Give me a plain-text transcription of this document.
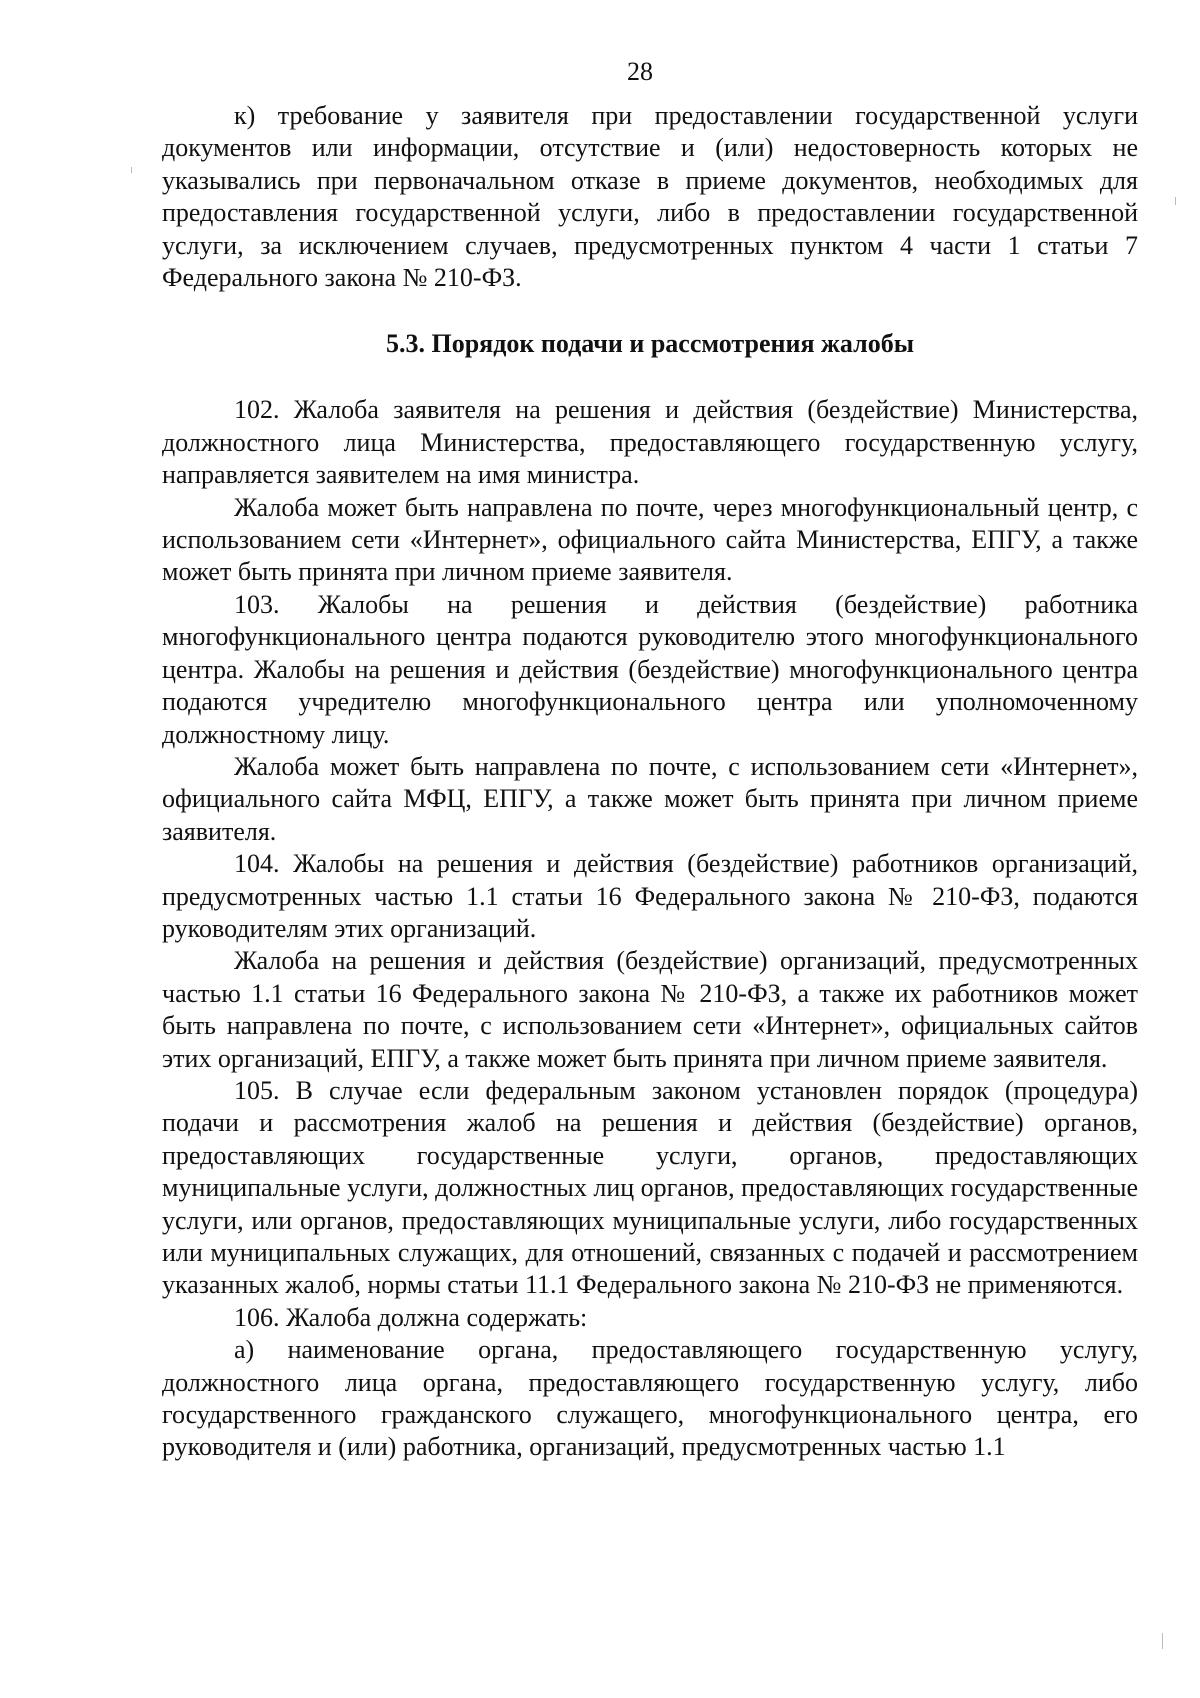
28

к) требование у заявителя при предоставлении государственной услуги документов или информации, отсутствие и (или) недостоверность которых не указывались при первоначальном отказе в приеме документов, необходимых для предоставления государственной услуги, либо в предоставлении государственной услуги, за исключением случаев, предусмотренных пунктом 4 части 1 статьи 7 Федерального закона № 210-ФЗ.

5.3. Порядок подачи и рассмотрения жалобы

102. Жалоба заявителя на решения и действия (бездействие) Министерства, должностного лица Министерства, предоставляющего государственную услугу, направляется заявителем на имя министра.

Жалоба может быть направлена по почте, через многофункциональный центр, с использованием сети «Интернет», официального сайта Министерства, ЕПГУ, а также может быть принята при личном приеме заявителя.

103. Жалобы на решения и действия (бездействие) работника многофункционального центра подаются руководителю этого многофункционального центра. Жалобы на решения и действия (бездействие) многофункционального центра подаются учредителю многофункционального центра или уполномоченному должностному лицу.

Жалоба может быть направлена по почте, с использованием сети «Интернет», официального сайта МФЦ, ЕПГУ, а также может быть принята при личном приеме заявителя.

104. Жалобы на решения и действия (бездействие) работников организаций, предусмотренных частью 1.1 статьи 16 Федерального закона № 210-ФЗ, подаются руководителям этих организаций.

Жалоба на решения и действия (бездействие) организаций, предусмотренных частью 1.1 статьи 16 Федерального закона № 210-ФЗ, а также их работников может быть направлена по почте, с использованием сети «Интернет», официальных сайтов этих организаций, ЕПГУ, а также может быть принята при личном приеме заявителя.

105. В случае если федеральным законом установлен порядок (процедура) подачи и рассмотрения жалоб на решения и действия (бездействие) органов, предоставляющих государственные услуги, органов, предоставляющих муниципальные услуги, должностных лиц органов, предоставляющих государственные услуги, или органов, предоставляющих муниципальные услуги, либо государственных или муниципальных служащих, для отношений, связанных с подачей и рассмотрением указанных жалоб, нормы статьи 11.1 Федерального закона № 210-ФЗ не применяются.

106. Жалоба должна содержать:

а) наименование органа, предоставляющего государственную услугу, должностного лица органа, предоставляющего государственную услугу, либо государственного гражданского служащего, многофункционального центра, его руководителя и (или) работника, организаций, предусмотренных частью 1.1
